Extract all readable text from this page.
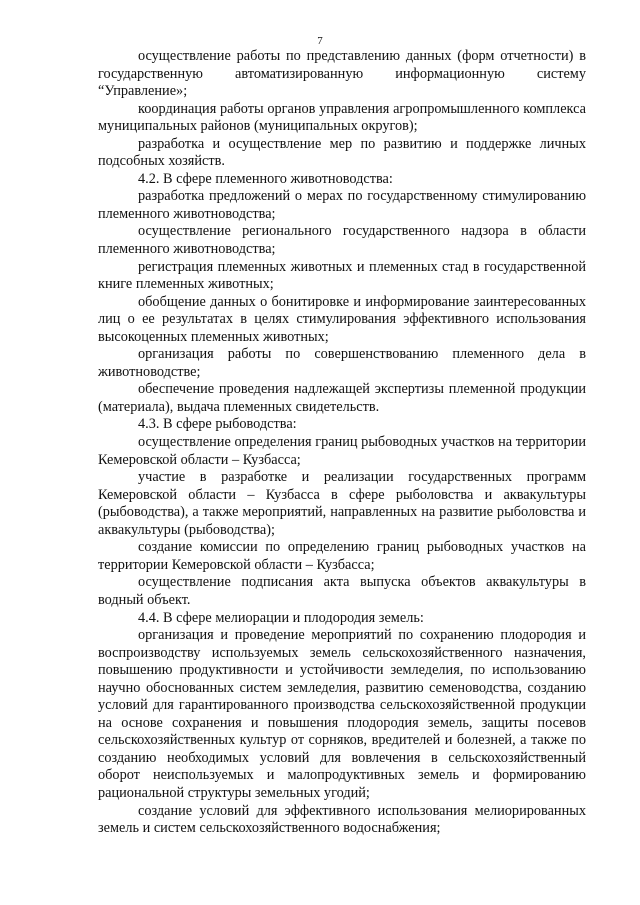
7

осуществление работы по представлению данных (форм отчетности) в государственную автоматизированную информационную систему “Управление»;

координация работы органов управления агропромышленного комплекса муниципальных районов (муниципальных округов);

разработка и осуществление мер по развитию и поддержке личных подсобных хозяйств.

4.2. В сфере племенного животноводства:

разработка предложений о мерах по государственному стимулированию племенного животноводства;

осуществление регионального государственного надзора в области племенного животноводства;

регистрация племенных животных и племенных стад в государственной книге племенных животных;

обобщение данных о бонитировке и информирование заинтересованных лиц о ее результатах в целях стимулирования эффективного использования высокоценных племенных животных;

организация работы по совершенствованию племенного дела в животноводстве;

обеспечение проведения надлежащей экспертизы племенной продукции (материала), выдача племенных свидетельств.

4.3. В сфере рыбоводства:

осуществление определения границ рыбоводных участков на территории Кемеровской области – Кузбасса;

участие в разработке и реализации государственных программ Кемеровской области – Кузбасса в сфере рыболовства и аквакультуры (рыбоводства), а также мероприятий, направленных на развитие рыболовства и аквакультуры (рыбоводства);

создание комиссии по определению границ рыбоводных участков на территории Кемеровской области – Кузбасса;

осуществление подписания акта выпуска объектов аквакультуры в водный объект.

4.4. В сфере мелиорации и плодородия земель:

организация и проведение мероприятий по сохранению плодородия и воспроизводству используемых земель сельскохозяйственного назначения, повышению продуктивности и устойчивости земледелия, по использованию научно обоснованных систем земледелия, развитию семеноводства, созданию условий для гарантированного производства сельскохозяйственной продукции на основе сохранения и повышения плодородия земель, защиты посевов сельскохозяйственных культур от сорняков, вредителей и болезней, а также по созданию необходимых условий для вовлечения в сельскохозяйственный оборот неиспользуемых и малопродуктивных земель и формированию рациональной структуры земельных угодий;

создание условий для эффективного использования мелиорированных земель и систем сельскохозяйственного водоснабжения;
